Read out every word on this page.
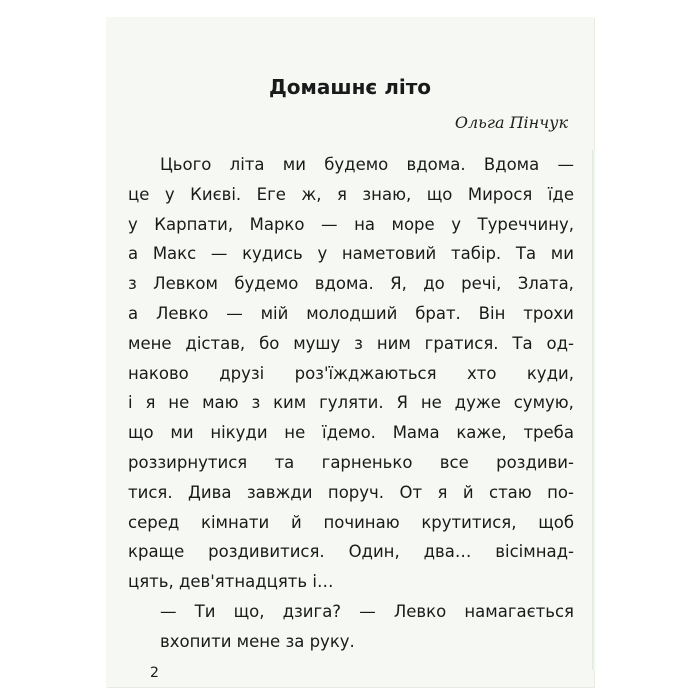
Домашнє літо
Ольга Пінчук
Цього літа ми будемо вдома. Вдома —
це у Києві. Еге ж, я знаю, що Мирося їде
у Карпати, Марко — на море у Туреччину,
а Макс — кудись у наметовий табір. Та ми
з Левком будемо вдома. Я, до речі, Злата,
а Левко — мій молодший брат. Він трохи
мене дістав, бо мушу з ним гратися. Та од-
наково друзі роз'їжджаються хто куди,
і я не маю з ким гуляти. Я не дуже сумую,
що ми нікуди не їдемо. Мама каже, треба
роззирнутися та гарненько все роздиви-
тися. Дива завжди поруч. От я й стаю по-
серед кімнати й починаю крутитися, щоб
краще роздивитися. Один, два… вісімнад-
цять, дев'ятнадцять і…
— Ти що, дзига? — Левко намагається
вхопити мене за руку.
2
